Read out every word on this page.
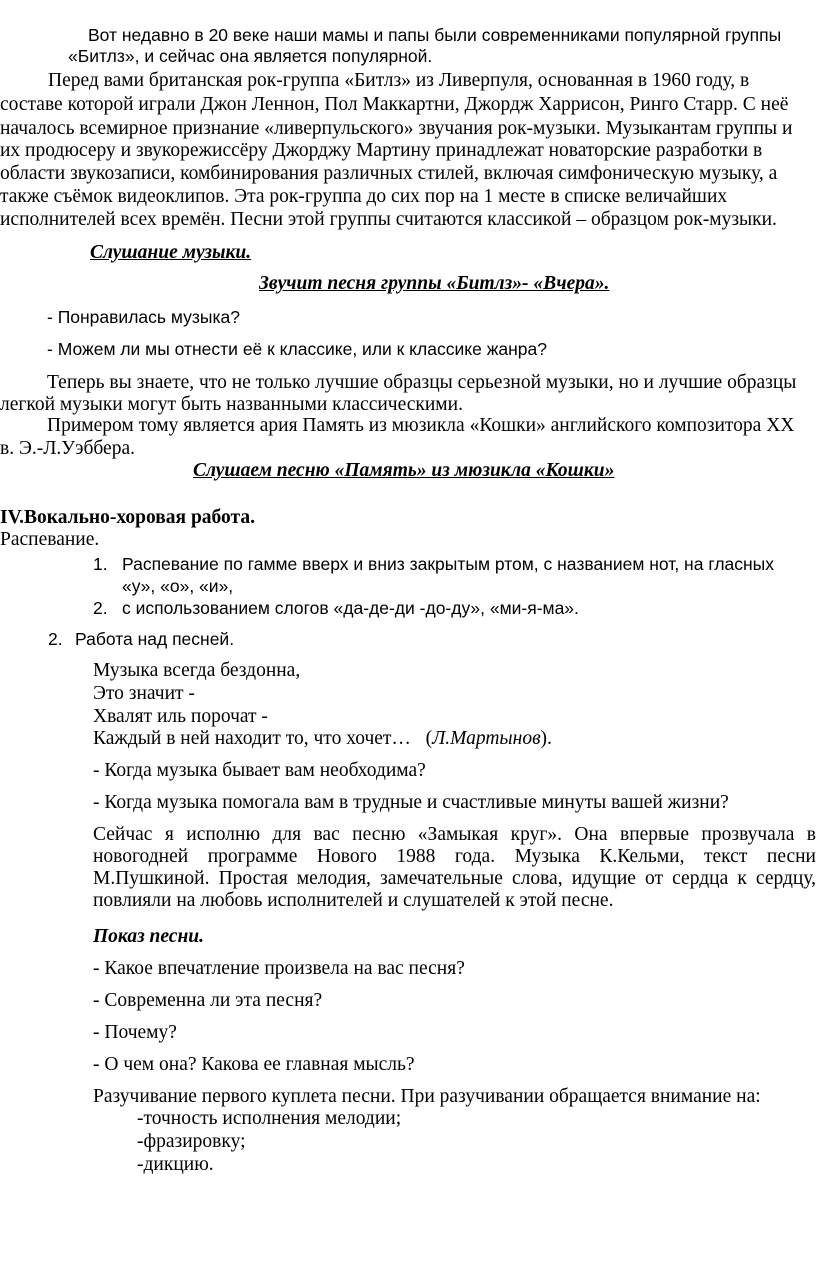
Вот недавно в 20 веке наши мамы и папы были современниками популярной группы
«Битлз», и сейчас она является популярной.
Перед вами британская рок-группа «Битлз» из Ливерпуля, основанная в 1960 году, в
составе которой играли Джон Леннон, Пол Маккартни, Джордж Харрисон, Ринго Старр. С неё
началось всемирное признание «ливерпульского» звучания рок-музыки. Музыкантам группы и
их продюсеру и звукорежиссёру Джорджу Мартину принадлежат новаторские разработки в
области звукозаписи, комбинирования различных стилей, включая симфоническую музыку, а
также съёмок видеоклипов. Эта рок-группа до сих пор на 1 месте в списке величайших
исполнителей всех времён. Песни этой группы считаются классикой – образцом рок-музыки.
Слушание музыки.
Звучит песня группы «Битлз»- «Вчера».
- Понравилась музыка?
- Можем ли мы отнести её к классике, или к классике жанра?
Теперь вы знаете, что не только лучшие образцы серьезной музыки, но и лучшие образцы
легкой музыки могут быть названными классическими.
Примером тому является ария Память из мюзикла «Кошки» английского композитора XX
в. Э.-Л.Уэббера.
Слушаем песню «Память» из мюзикла «Кошки»
IV.Вокально-хоровая работа.
Распевание.
1. Распевание по гамме вверх и вниз закрытым ртом, с названием нот, на гласных
«у», «о», «и»,
2. с использованием слогов «да-де-ди -до-ду», «ми-я-ма».
2. Работа над песней.
Музыка всегда бездонна,
Это значит -
Хвалят иль порочат -
Каждый в ней находит то, что хочет… (Л.Мартынов).
- Когда музыка бывает вам необходима?
- Когда музыка помогала вам в трудные и счастливые минуты вашей жизни?
Сейчас я исполню для вас песню «Замыкая круг». Она впервые прозвучала в новогодней программе Нового 1988 года. Музыка К.Кельми, текст песни М.Пушкиной. Простая мелодия, замечательные слова, идущие от сердца к сердцу, повлияли на любовь исполнителей и слушателей к этой песне.
Показ песни.
- Какое впечатление произвела на вас песня?
- Современна ли эта песня?
- Почему?
- О чем она? Какова ее главная мысль?
Разучивание первого куплета песни. При разучивании обращается внимание на:
-точность исполнения мелодии;
-фразировку;
-дикцию.
